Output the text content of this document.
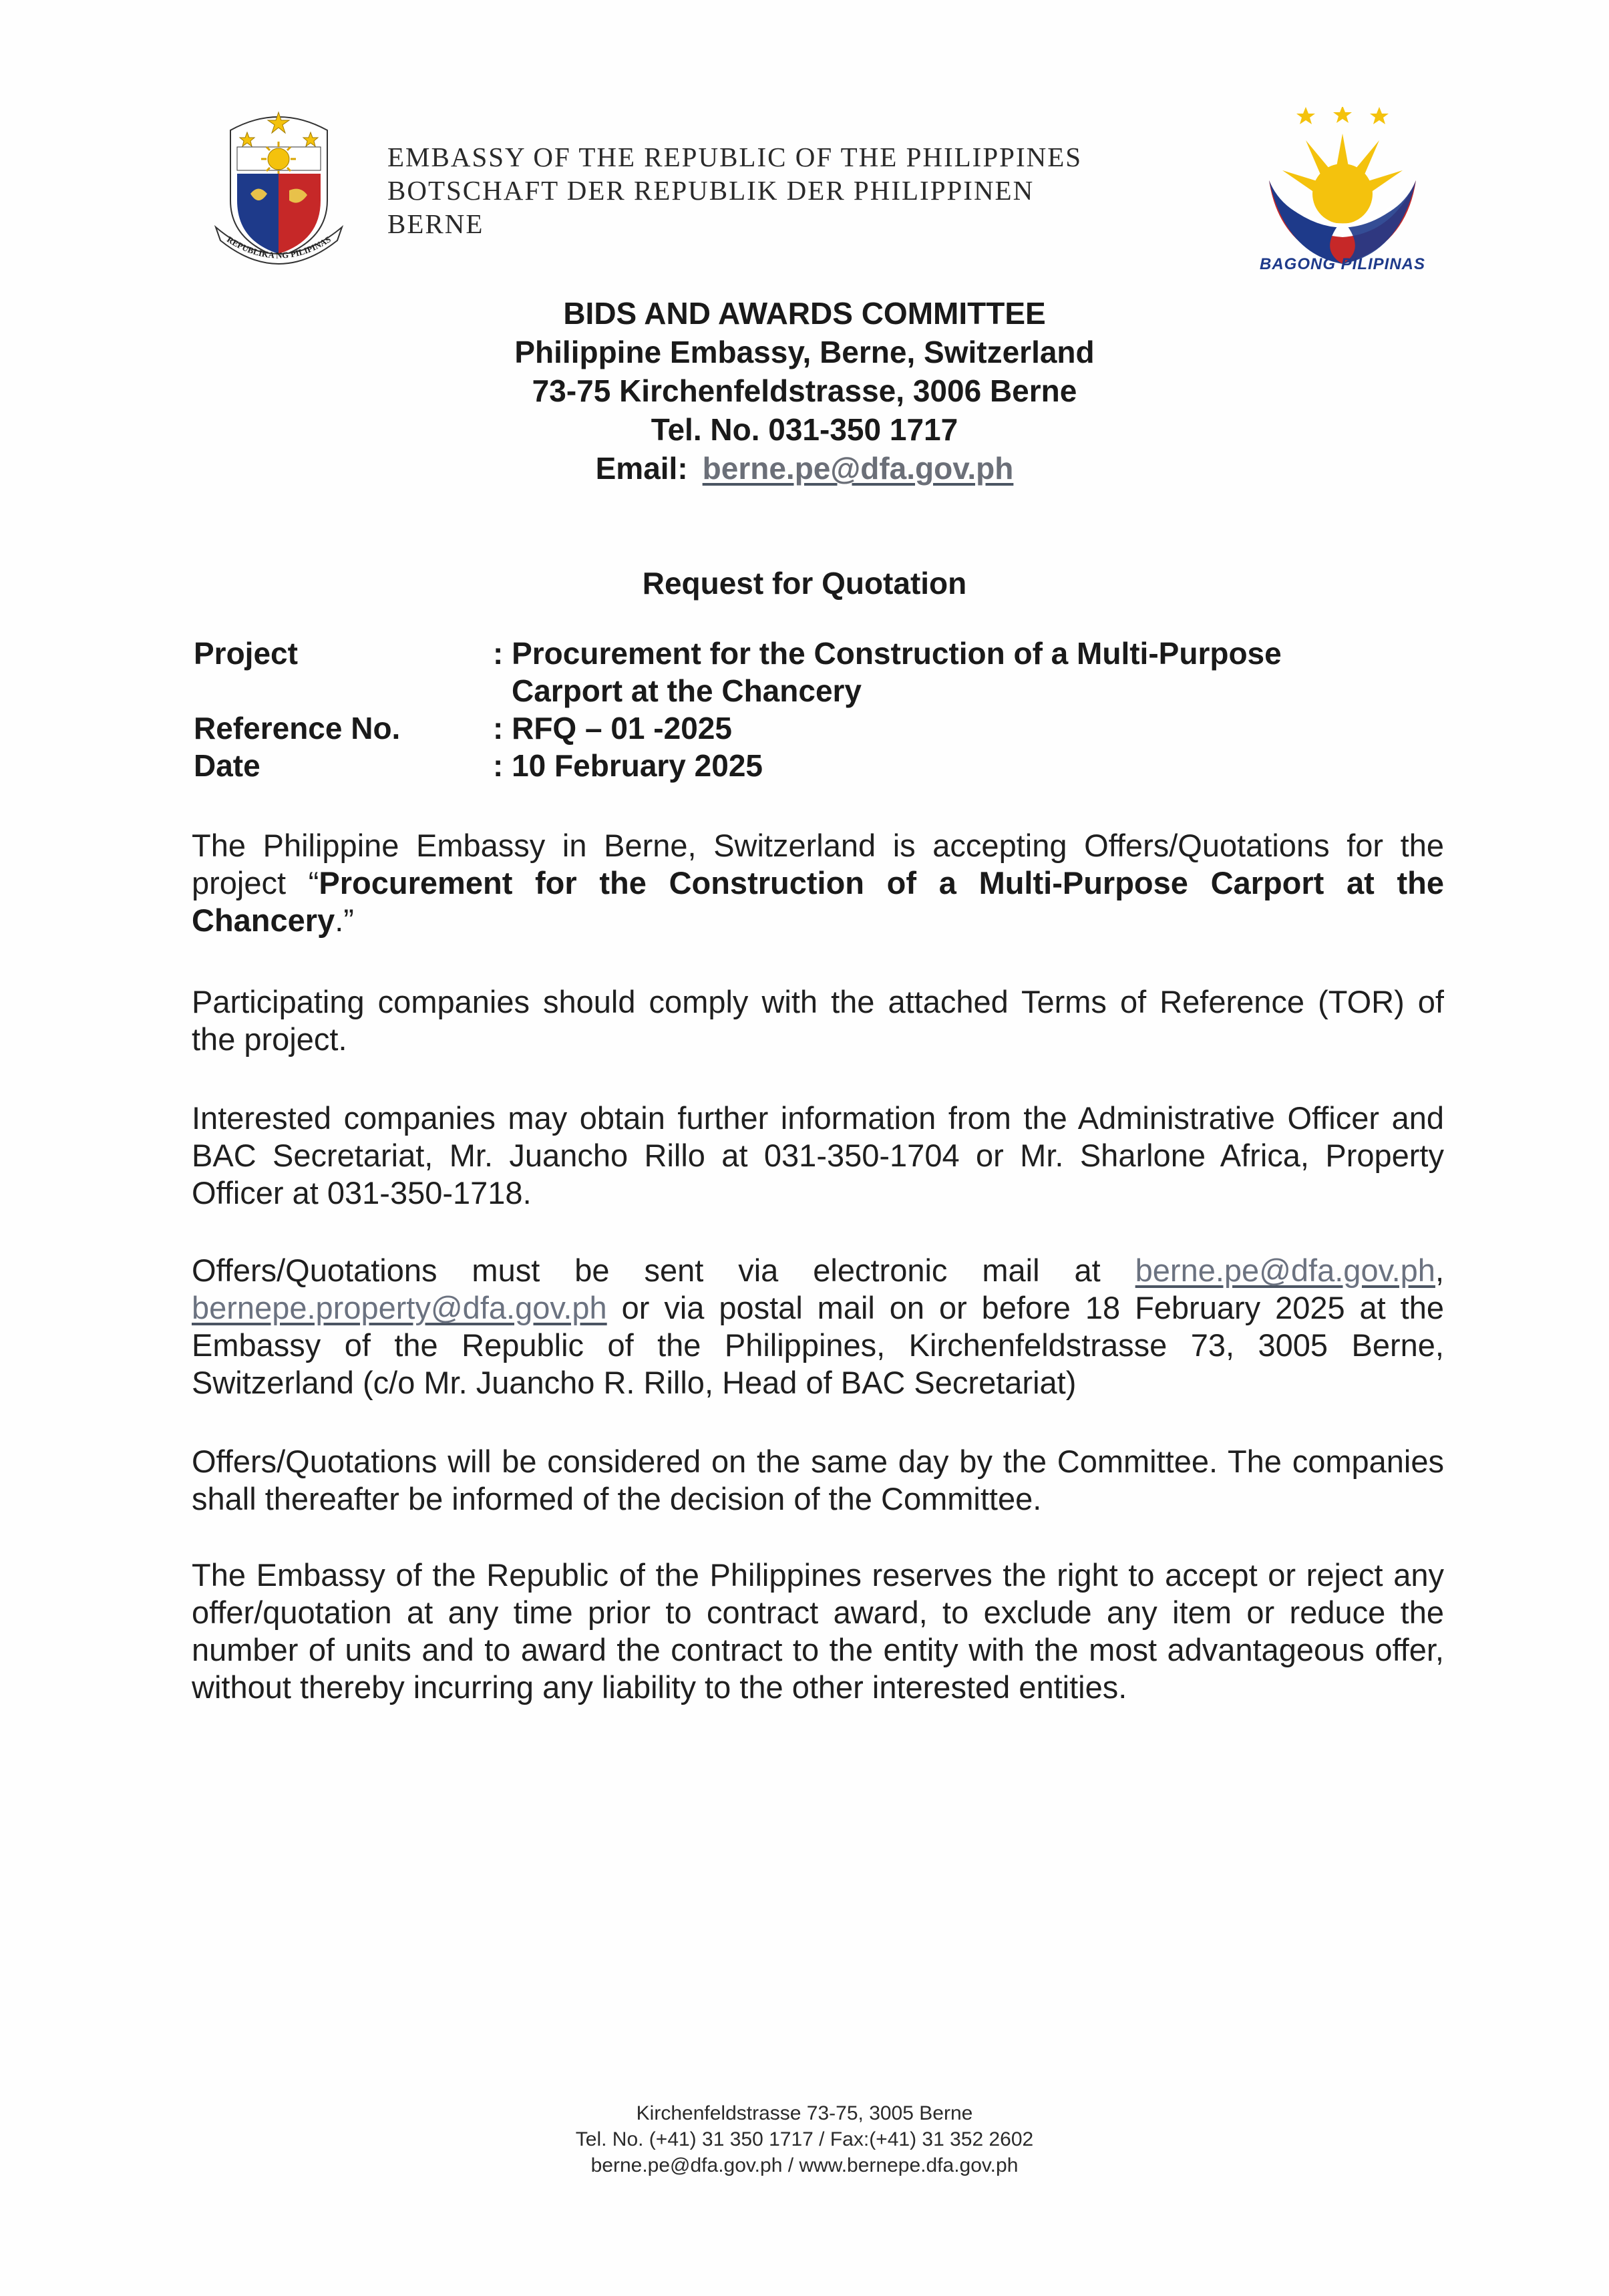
REPUBLIKA NG PILIPINAS
EMBASSY OF THE REPUBLIC OF THE PHILIPPINES
BOTSCHAFT DER REPUBLIK DER PHILIPPINEN
BERNE
BAGONG PILIPINAS
BIDS AND AWARDS COMMITTEE
Philippine Embassy, Berne, Switzerland
73-75 Kirchenfeldstrasse, 3006 Berne
Tel. No. 031-350 1717
Email: berne.pe@dfa.gov.ph
Request for Quotation
Project	: Procurement for the Construction of a Multi-Purpose
Carport at the Chancery
Reference No.	: RFQ – 01 -2025
Date	: 10 February 2025
The Philippine Embassy in Berne, Switzerland is accepting Offers/Quotations for the project “Procurement for the Construction of a Multi-Purpose Carport at the Chancery.”
Participating companies should comply with the attached Terms of Reference (TOR) of the project.
Interested companies may obtain further information from the Administrative Officer and BAC Secretariat, Mr. Juancho Rillo at 031-350-1704 or Mr. Sharlone Africa, Property Officer at 031-350-1718.
Offers/Quotations must be sent via electronic mail at berne.pe@dfa.gov.ph, bernepe.property@dfa.gov.ph or via postal mail on or before 18 February 2025 at the Embassy of the Republic of the Philippines, Kirchenfeldstrasse 73, 3005 Berne, Switzerland (c/o Mr. Juancho R. Rillo, Head of BAC Secretariat)
Offers/Quotations will be considered on the same day by the Committee. The companies shall thereafter be informed of the decision of the Committee.
The Embassy of the Republic of the Philippines reserves the right to accept or reject any offer/quotation at any time prior to contract award, to exclude any item or reduce the number of units and to award the contract to the entity with the most advantageous offer, without thereby incurring any liability to the other interested entities.
Kirchenfeldstrasse 73-75, 3005 Berne
Tel. No. (+41) 31 350 1717 / Fax:(+41) 31 352 2602
berne.pe@dfa.gov.ph / www.bernepe.dfa.gov.ph
